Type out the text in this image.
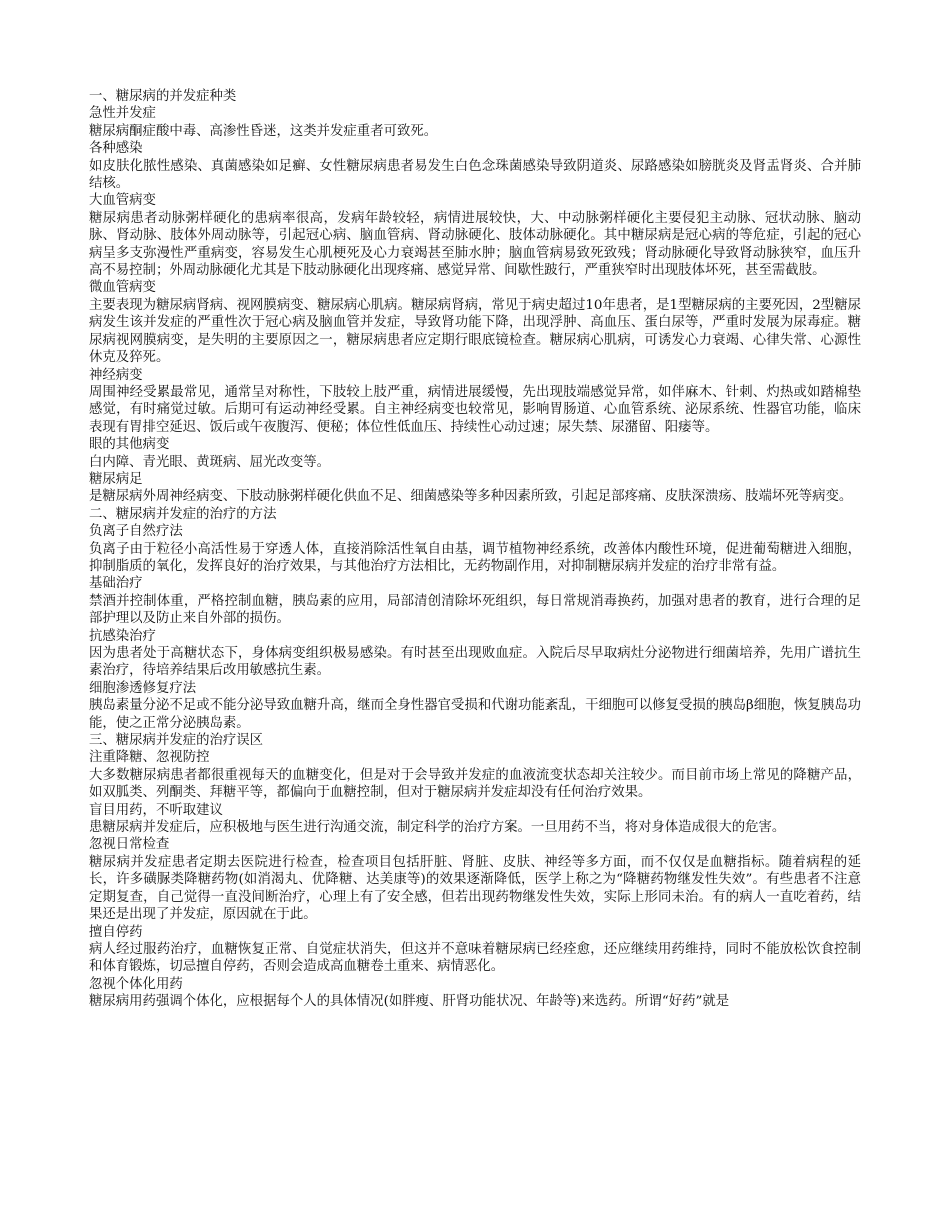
一、糖尿病的并发症种类

急性并发症

糖尿病酮症酸中毒、高渗性昏迷，这类并发症重者可致死。

各种感染

如皮肤化脓性感染、真菌感染如足癣、女性糖尿病患者易发生白色念珠菌感染导致阴道炎、尿路感染如膀胱炎及肾盂肾炎、合并肺结核。

大血管病变

糖尿病患者动脉粥样硬化的患病率很高，发病年龄较轻，病情进展较快，大、中动脉粥样硬化主要侵犯主动脉、冠状动脉、脑动脉、肾动脉、肢体外周动脉等，引起冠心病、脑血管病、肾动脉硬化、肢体动脉硬化。其中糖尿病是冠心病的等危症，引起的冠心病呈多支弥漫性严重病变，容易发生心肌梗死及心力衰竭甚至肺水肿；脑血管病易致死致残；肾动脉硬化导致肾动脉狭窄，血压升高不易控制；外周动脉硬化尤其是下肢动脉硬化出现疼痛、感觉异常、间歇性跛行，严重狭窄时出现肢体坏死，甚至需截肢。

微血管病变

主要表现为糖尿病肾病、视网膜病变、糖尿病心肌病。糖尿病肾病，常见于病史超过10年患者，是1型糖尿病的主要死因，2型糖尿病发生该并发症的严重性次于冠心病及脑血管并发症，导致肾功能下降，出现浮肿、高血压、蛋白尿等，严重时发展为尿毒症。糖尿病视网膜病变，是失明的主要原因之一，糖尿病患者应定期行眼底镜检查。糖尿病心肌病，可诱发心力衰竭、心律失常、心源性休克及猝死。

神经病变

周围神经受累最常见，通常呈对称性，下肢较上肢严重，病情进展缓慢，先出现肢端感觉异常，如伴麻木、针刺、灼热或如踏棉垫感觉，有时痛觉过敏。后期可有运动神经受累。自主神经病变也较常见，影响胃肠道、心血管系统、泌尿系统、性器官功能，临床表现有胃排空延迟、饭后或午夜腹泻、便秘；体位性低血压、持续性心动过速；尿失禁、尿潴留、阳痿等。

眼的其他病变

白内障、青光眼、黄斑病、屈光改变等。

糖尿病足

是糖尿病外周神经病变、下肢动脉粥样硬化供血不足、细菌感染等多种因素所致，引起足部疼痛、皮肤深溃疡、肢端坏死等病变。

二、糖尿病并发症的治疗的方法

负离子自然疗法

负离子由于粒径小高活性易于穿透人体，直接消除活性氧自由基，调节植物神经系统，改善体内酸性环境，促进葡萄糖进入细胞，抑制脂质的氧化，发挥良好的治疗效果，与其他治疗方法相比，无药物副作用，对抑制糖尿病并发症的治疗非常有益。

基础治疗

禁酒并控制体重，严格控制血糖，胰岛素的应用，局部清创清除坏死组织，每日常规消毒换药，加强对患者的教育，进行合理的足部护理以及防止来自外部的损伤。

抗感染治疗

因为患者处于高糖状态下，身体病变组织极易感染。有时甚至出现败血症。入院后尽早取病灶分泌物进行细菌培养，先用广谱抗生素治疗，待培养结果后改用敏感抗生素。

细胞渗透修复疗法

胰岛素量分泌不足或不能分泌导致血糖升高，继而全身性器官受损和代谢功能紊乱，干细胞可以修复受损的胰岛β细胞，恢复胰岛功能，使之正常分泌胰岛素。

三、糖尿病并发症的治疗误区

注重降糖、忽视防控

大多数糖尿病患者都很重视每天的血糖变化，但是对于会导致并发症的血液流变状态却关注较少。而目前市场上常见的降糖产品，如双胍类、列酮类、拜糖平等，都偏向于血糖控制，但对于糖尿病并发症却没有任何治疗效果。

盲目用药，不听取建议

患糖尿病并发症后，应积极地与医生进行沟通交流，制定科学的治疗方案。一旦用药不当，将对身体造成很大的危害。

忽视日常检查

糖尿病并发症患者定期去医院进行检查，检查项目包括肝脏、肾脏、皮肤、神经等多方面，而不仅仅是血糖指标。随着病程的延长，许多磺脲类降糖药物(如消渴丸、优降糖、达美康等)的效果逐渐降低，医学上称之为“降糖药物继发性失效”。有些患者不注意定期复查，自己觉得一直没间断治疗，心理上有了安全感，但若出现药物继发性失效，实际上形同未治。有的病人一直吃着药，结果还是出现了并发症，原因就在于此。

擅自停药

病人经过服药治疗，血糖恢复正常、自觉症状消失，但这并不意味着糖尿病已经痊愈，还应继续用药维持，同时不能放松饮食控制和体育锻炼，切忌擅自停药，否则会造成高血糖卷土重来、病情恶化。

忽视个体化用药

糖尿病用药强调个体化，应根据每个人的具体情况(如胖瘦、肝肾功能状况、年龄等)来选药。所谓“好药”就是
